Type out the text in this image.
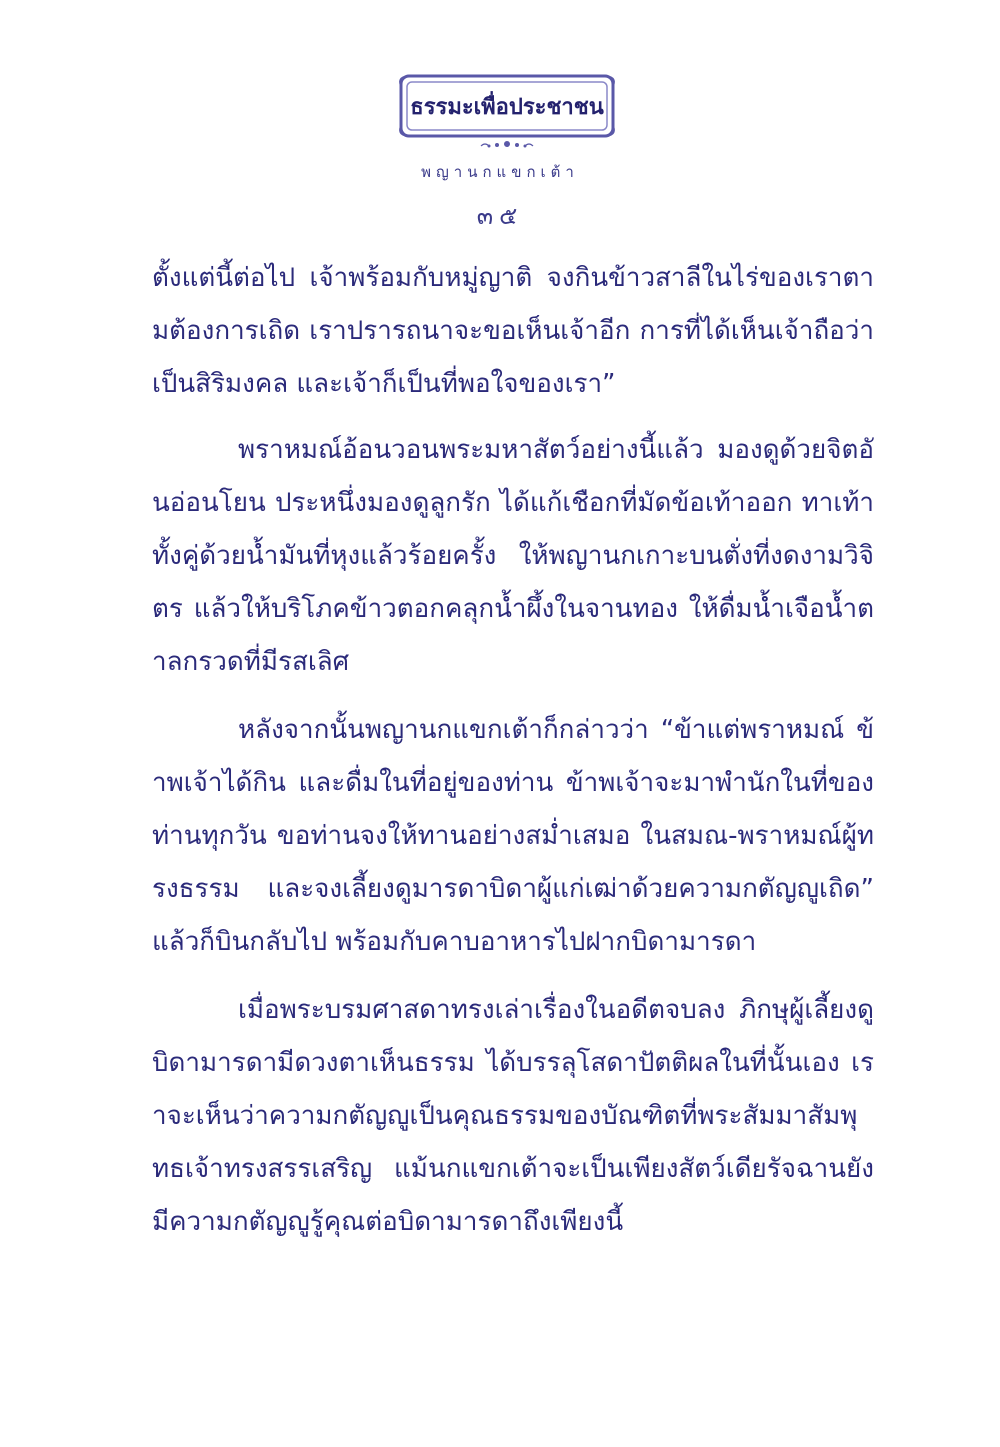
ธรรมะเพื่อประชาชน
พญานกแขกเต้า
๓๕

ตั้งแต่นี้ต่อไป เจ้าพร้อมกับหมู่ญาติ จงกินข้าวสาลีในไร่ของเราตามต้องการเถิด เราปรารถนาจะขอเห็นเจ้าอีก การที่ได้เห็นเจ้าถือว่าเป็นสิริมงคล และเจ้าก็เป็นที่พอใจของเรา”

พราหมณ์อ้อนวอนพระมหาสัตว์อย่างนี้แล้ว มองดูด้วยจิตอันอ่อนโยน ประหนึ่งมองดูลูกรัก ได้แก้เชือกที่มัดข้อเท้าออก ทาเท้าทั้งคู่ด้วยน้ำมันที่หุงแล้วร้อยครั้ง ให้พญานกเกาะบนตั่งที่งดงามวิจิตร แล้วให้บริโภคข้าวตอกคลุกน้ำผึ้งในจานทอง ให้ดื่มน้ำเจือน้ำตาลกรวดที่มีรสเลิศ

หลังจากนั้นพญานกแขกเต้าก็กล่าวว่า “ข้าแต่พราหมณ์ ข้าพเจ้าได้กิน และดื่มในที่อยู่ของท่าน ข้าพเจ้าจะมาพำนักในที่ของท่านทุกวัน ขอท่านจงให้ทานอย่างสม่ำเสมอ ในสมณ-พราหมณ์ผู้ทรงธรรม และจงเลี้ยงดูมารดาบิดาผู้แก่เฒ่าด้วยความกตัญญูเถิด” แล้วก็บินกลับไป พร้อมกับคาบอาหารไปฝากบิดามารดา

เมื่อพระบรมศาสดาทรงเล่าเรื่องในอดีตจบลง ภิกษุผู้เลี้ยงดูบิดามารดามีดวงตาเห็นธรรม ได้บรรลุโสดาปัตติผลในที่นั้นเอง เราจะเห็นว่าความกตัญญูเป็นคุณธรรมของบัณฑิตที่พระสัมมาสัมพุทธเจ้าทรงสรรเสริญ แม้นกแขกเต้าจะเป็นเพียงสัตว์เดียรัจฉานยังมีความกตัญญูรู้คุณต่อบิดามารดาถึงเพียงนี้
